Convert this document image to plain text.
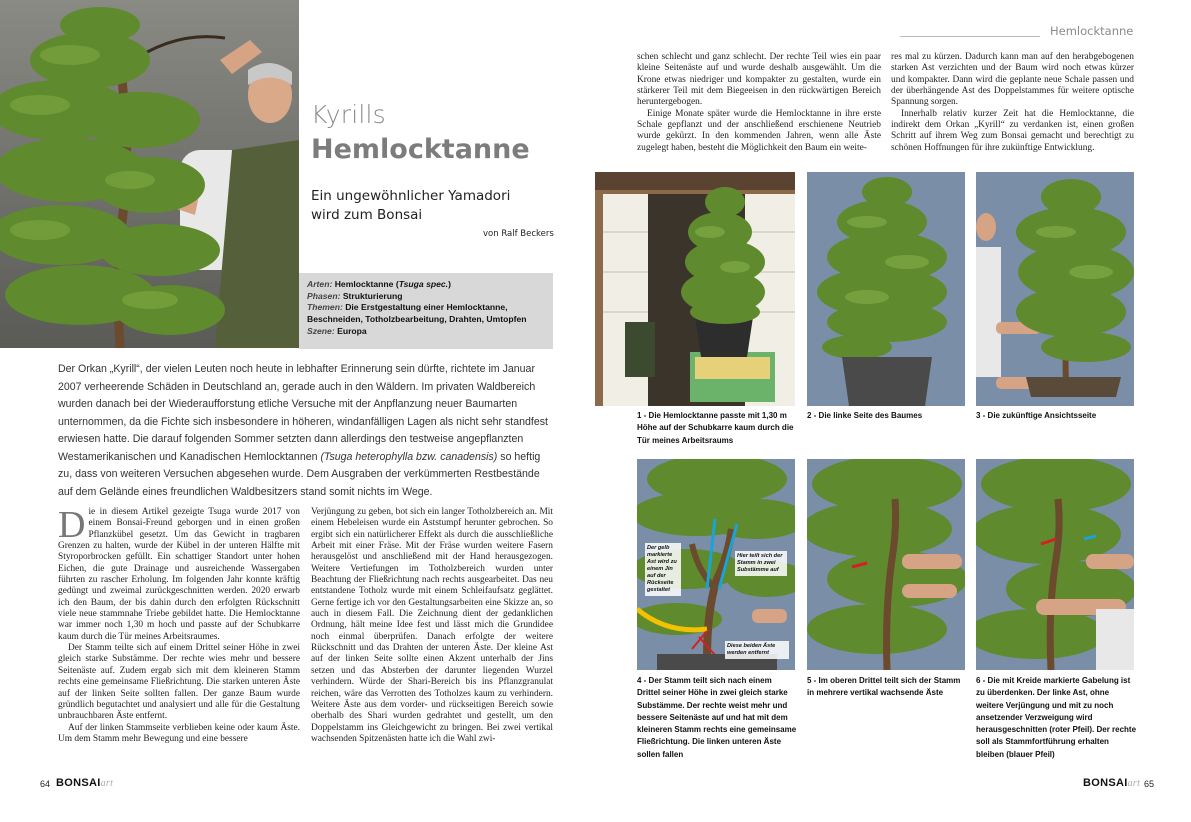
Kyrills
Hemlocktanne
Ein ungewöhnlicher Yamadori
wird zum Bonsai
von Ralf Beckers
Arten: Hemlocktanne (Tsuga spec.)
Phasen: Strukturierung
Themen: Die Erstgestaltung einer Hemlocktanne, Beschneiden, Totholzbearbeitung, Drahten, Umtopfen
Szene: Europa
Der Orkan „Kyrill“, der vielen Leuten noch heute in lebhafter Erinnerung sein dürfte, richtete im Januar 2007 verheerende Schäden in Deutschland an, gerade auch in den Wäldern. Im privaten Waldbereich wurden danach bei der Wiederaufforstung etliche Versuche mit der Anpflanzung neuer Baumarten unternommen, da die Fichte sich insbesondere in höheren, windanfälligen Lagen als nicht sehr standfest erwiesen hatte. Die darauf folgenden Sommer setzten dann allerdings den testweise angepflanzten Westamerikanischen und Kanadischen Hemlocktannen (Tsuga heterophylla bzw. canadensis) so heftig zu, dass von weiteren Versuchen abgesehen wurde. Dem Ausgraben der verkümmerten Restbestände auf dem Gelände eines freundlichen Waldbesitzers stand somit nichts im Wege.

Die in diesem Artikel gezeigte Tsuga wurde 2017 von einem Bonsai-Freund geborgen und in einen großen Pflanzkübel gesetzt. Um das Gewicht in tragbaren Grenzen zu halten, wurde der Kübel in der unteren Hälfte mit Styroporbrocken gefüllt. Ein schattiger Standort unter hohen Eichen, die gute Drainage und ausreichende Wassergaben führten zu rascher Erholung. Im folgenden Jahr konnte kräftig gedüngt und zweimal zurückgeschnitten werden. 2020 erwarb ich den Baum, der bis dahin durch den erfolgten Rückschnitt viele neue stammnahe Triebe gebildet hatte. Die Hemlocktanne war immer noch 1,30 m hoch und passte auf der Schubkarre kaum durch die Tür meines Arbeitsraumes.

Der Stamm teilte sich auf einem Drittel seiner Höhe in zwei gleich starke Substämme. Der rechte wies mehr und bessere Seitenäste auf. Zudem ergab sich mit dem kleineren Stamm rechts eine gemeinsame Fließrichtung. Die starken unteren Äste auf der linken Seite sollten fallen. Der ganze Baum wurde gründlich begutachtet und analysiert und alle für die Gestaltung unbrauchbaren Äste entfernt.

Auf der linken Stammseite verblieben keine oder kaum Äste. Um dem Stamm mehr Bewegung und eine bessere

Verjüngung zu geben, bot sich ein langer Totholzbereich an. Mit einem Hebeleisen wurde ein Aststumpf herunter gebrochen. So ergibt sich ein natürlicherer Effekt als durch die ausschließliche Arbeit mit einer Fräse. Mit der Fräse wurden weitere Fasern herausgelöst und anschließend mit der Hand herausgezogen. Weitere Vertiefungen im Totholzbereich wurden unter Beachtung der Fließrichtung nach rechts ausgearbeitet. Das neu entstandene Totholz wurde mit einem Schleifaufsatz geglättet. Gerne fertige ich vor den Gestaltungsarbeiten eine Skizze an, so auch in diesem Fall. Die Zeichnung dient der gedanklichen Ordnung, hält meine Idee fest und lässt mich die Grundidee noch einmal überprüfen. Danach erfolgte der weitere Rückschnitt und das Drahten der unteren Äste. Der kleine Ast auf der linken Seite sollte einen Akzent unterhalb der Jins setzen und das Absterben der darunter liegenden Wurzel verhindern. Würde der Shari-Bereich bis ins Pflanzgranulat reichen, wäre das Verrotten des Totholzes kaum zu verhindern. Weitere Äste aus dem vorder- und rückseitigen Bereich sowie oberhalb des Shari wurden gedrahtet und gestellt, um den Doppelstamm ins Gleichgewicht zu bringen. Bei zwei vertikal wachsenden Spitzenästen hatte ich die Wahl zwi-

64 BONSAIart
Hemlocktanne

schen schlecht und ganz schlecht. Der rechte Teil wies ein paar kleine Seitenäste auf und wurde deshalb ausgewählt. Um die Krone etwas niedriger und kompakter zu gestalten, wurde ein stärkerer Teil mit dem Biegeeisen in den rückwärtigen Bereich heruntergebogen.

Einige Monate später wurde die Hemlocktanne in ihre erste Schale gepflanzt und der anschließend erschienene Neutrieb wurde gekürzt. In den kommenden Jahren, wenn alle Äste zugelegt haben, besteht die Möglichkeit den Baum ein weite-

res mal zu kürzen. Dadurch kann man auf den herabgebogenen starken Ast verzichten und der Baum wird noch etwas kürzer und kompakter. Dann wird die geplante neue Schale passen und der überhängende Ast des Doppelstammes für weitere optische Spannung sorgen.

Innerhalb relativ kurzer Zeit hat die Hemlocktanne, die indirekt dem Orkan „Kyrill“ zu verdanken ist, einen großen Schritt auf ihrem Weg zum Bonsai gemacht und berechtigt zu schönen Hoffnungen für ihre zukünftige Entwicklung.

1 - Die Hemlocktanne passte mit 1,30 m Höhe auf der Schubkarre kaum durch die Tür meines Arbeitsraums
2 - Die linke Seite des Baumes	3 - Die zukünftige Ansichtsseite
Der gelb markierte Ast wird zu einem Jin auf der Rückseite gestaltet
Hier teilt sich der Stamm in zwei Substämme auf
Diese beiden Äste werden entfernt
4 - Der Stamm teilt sich nach einem Drittel seiner Höhe in zwei gleich starke Substämme. Der rechte weist mehr und bessere Seitenäste auf und hat mit dem kleineren Stamm rechts eine gemeinsame Fließrichtung. Die linken unteren Äste sollen fallen
5 - Im oberen Drittel teilt sich der Stamm in mehrere vertikal wachsende Äste
6 - Die mit Kreide markierte Gabelung ist zu überdenken. Der linke Ast, ohne weitere Verjüngung und mit zu noch ansetzender Verzweigung wird herausgeschnitten (roter Pfeil). Der rechte soll als Stammfortführung erhalten bleiben (blauer Pfeil)
BONSAIart 65
